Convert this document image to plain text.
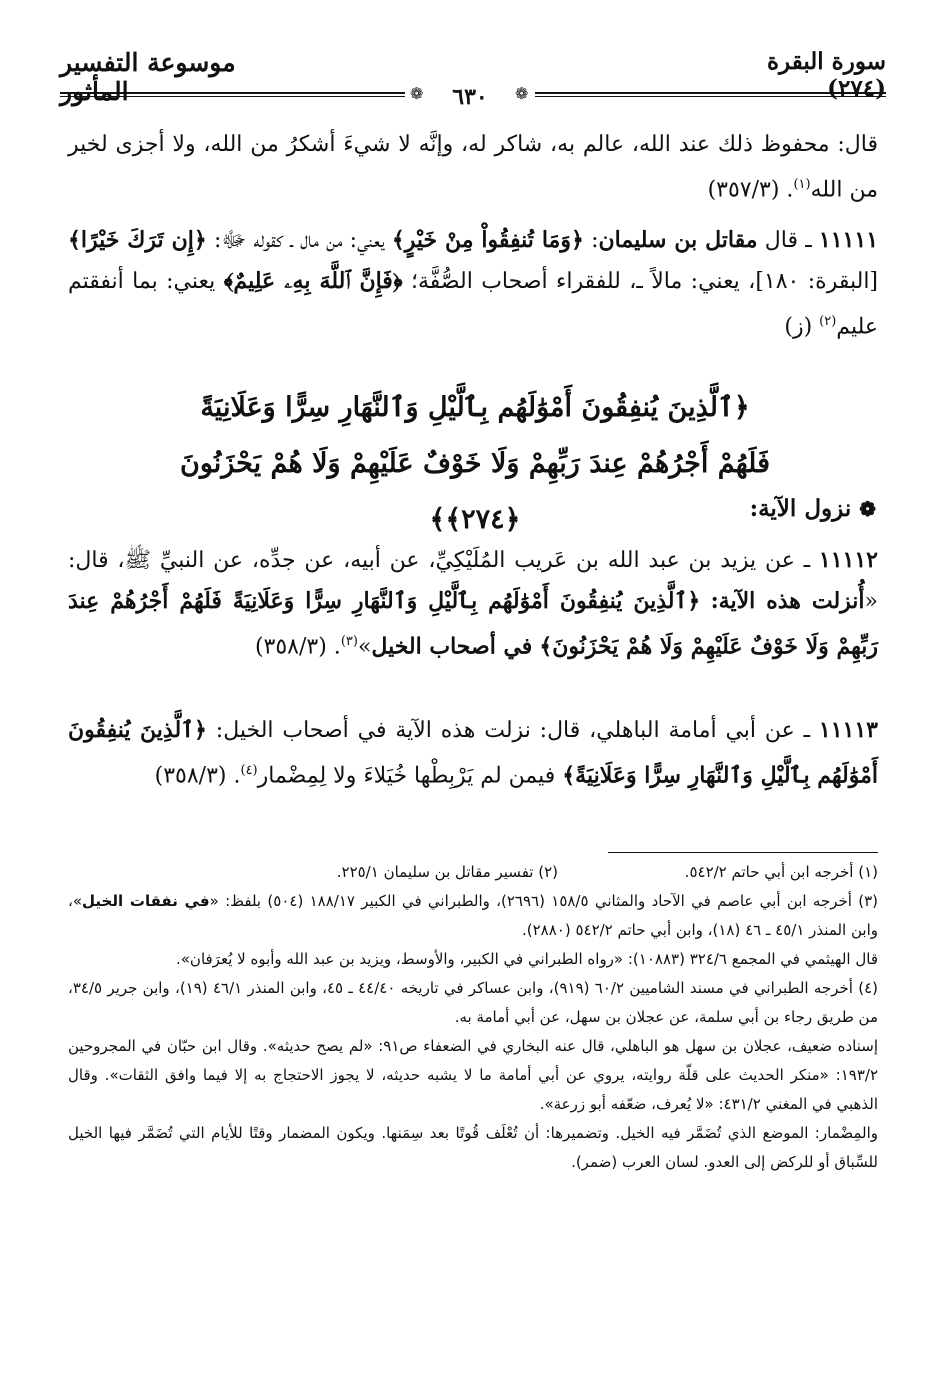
موسوعة التفسير المأثور
سورة البقرة (٢٧٤)
❁	٦٣٠	❁
قال: محفوظ ذلك عند الله، عالم به، شاكر له، وإنَّه لا شيءَ أشكرُ من الله، ولا أجزى لخير من الله$^{(١)}$. (٣٥٧/٣)
١١١١١ ـ قال مقاتل بن سليمان: ﴿وَمَا تُنفِقُواْ مِنْ خَيْرٍ﴾ يعني: من مال ـ كقوله ﷻ: ﴿إِن تَرَكَ خَيْرًا﴾ [البقرة: ١٨٠]، يعني: مالاً ـ، للفقراء أصحاب الصُّفَّة؛ ﴿فَإِنَّ ٱللَّهَ بِهِۦ عَلِيمٌ﴾ يعني: بما أنفقتم عليم$^{(٢)}$ (ز)
﴿ٱلَّذِينَ يُنفِقُونَ أَمْوَٰلَهُم بِٱلَّيْلِ وَٱلنَّهَارِ سِرًّا وَعَلَانِيَةً
فَلَهُمْ أَجْرُهُمْ عِندَ رَبِّهِمْ وَلَا خَوْفٌ عَلَيْهِمْ وَلَا هُمْ يَحْزَنُونَ ﴿٢٧٤﴾﴾	❁نزول الآية:
١١١١٢ ـ عن يزيد بن عبد الله بن عَريب المُلَيْكِيِّ، عن أبيه، عن جدِّه، عن النبيِّ ﷺ، قال: «أُنزلت هذه الآية: ﴿ٱلَّذِينَ يُنفِقُونَ أَمْوَٰلَهُم بِٱلَّيْلِ وَٱلنَّهَارِ سِرًّا وَعَلَانِيَةً فَلَهُمْ أَجْرُهُمْ عِندَ رَبِّهِمْ وَلَا خَوْفٌ عَلَيْهِمْ وَلَا هُمْ يَحْزَنُونَ﴾ في أصحاب الخيل»$^{(٣)}$. (٣٥٨/٣)
١١١١٣ ـ عن أبي أمامة الباهلي، قال: نزلت هذه الآية في أصحاب الخيل: ﴿ٱلَّذِينَ يُنفِقُونَ أَمْوَٰلَهُم بِٱلَّيْلِ وَٱلنَّهَارِ سِرًّا وَعَلَانِيَةً﴾ فيمن لم يَرْبِطْها خُيَلاءَ ولا لِمِضْمار$^{(٤)}$. (٣٥٨/٣)
(١) أخرجه ابن أبي حاتم ٥٤٢/٢.
(٢) تفسير مقاتل بن سليمان ٢٢٥/١.
(٣) أخرجه ابن أبي عاصم في الآحاد والمثاني ١٥٨/٥ (٢٦٩٦)، والطبراني في الكبير ١٨٨/١٧ (٥٠٤) بلفظ: «في نفقات الخيل»، وابن المنذر ٤٥/١ ـ ٤٦ (١٨)، وابن أبي حاتم ٥٤٢/٢ (٢٨٨٠).
قال الهيثمي في المجمع ٣٢٤/٦ (١٠٨٨٣): «رواه الطبراني في الكبير، والأوسط، ويزيد بن عبد الله وأبوه لا يُعرَفان».
(٤) أخرجه الطبراني في مسند الشاميين ٦٠/٢ (٩١٩)، وابن عساكر في تاريخه ٤٤/٤٠ ـ ٤٥، وابن المنذر ٤٦/١ (١٩)، وابن جرير ٣٤/٥، من طريق رجاء بن أبي سلمة، عن عجلان بن سهل، عن أبي أمامة به.
إسناده ضعيف، عجلان بن سهل هو الباهلي، قال عنه البخاري في الضعفاء ص٩١: «لم يصح حديثه». وقال ابن حبّان في المجروحين ١٩٣/٢: «منكر الحديث على قلّة روايته، يروي عن أبي أمامة ما لا يشبه حديثه، لا يجوز الاحتجاج به إلا فيما وافق الثقات». وقال الذهبي في المغني ٤٣١/٢: «لا يُعرف، ضعّفه أبو زرعة».
والمِضْمار: الموضع الذي تُضَمَّر فيه الخيل. وتضميرها: أن تُعْلَف قُوتًا بعد سِمَنها. ويكون المضمار وقتًا للأيام التي تُضَمَّر فيها الخيل للسِّباق أو للركض إلى العدو. لسان العرب (ضمر).
